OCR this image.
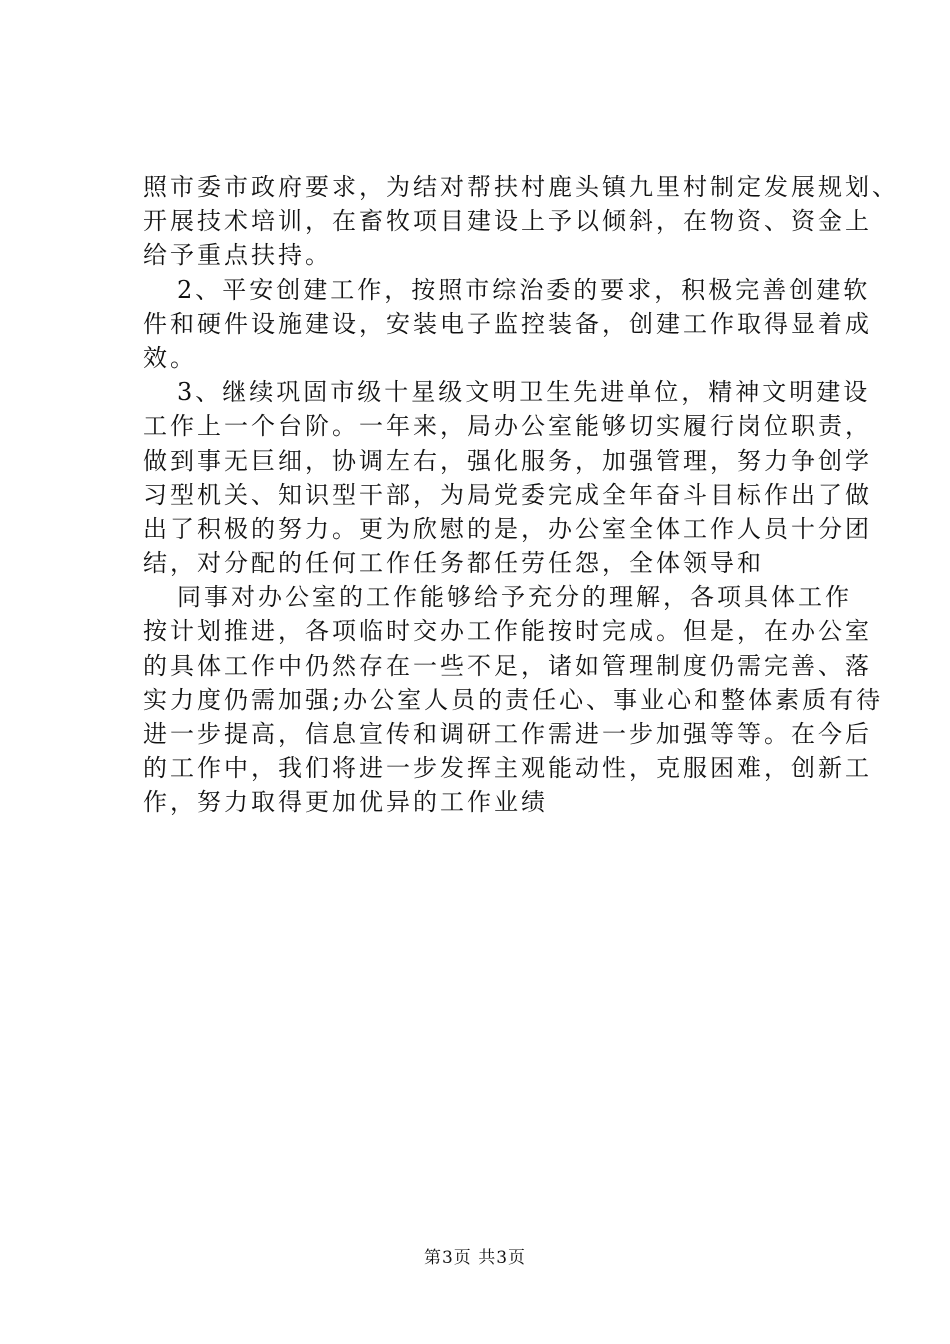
照市委市政府要求，为结对帮扶村鹿头镇九里村制定发展规划、
开展技术培训，在畜牧项目建设上予以倾斜，在物资、资金上
给予重点扶持。
2、平安创建工作，按照市综治委的要求，积极完善创建软
件和硬件设施建设，安装电子监控装备，创建工作取得显着成
效。
3、继续巩固市级十星级文明卫生先进单位，精神文明建设
工作上一个台阶。一年来，局办公室能够切实履行岗位职责，
做到事无巨细，协调左右，强化服务，加强管理，努力争创学
习型机关、知识型干部，为局党委完成全年奋斗目标作出了做
出了积极的努力。更为欣慰的是，办公室全体工作人员十分团
结，对分配的任何工作任务都任劳任怨，全体领导和
同事对办公室的工作能够给予充分的理解，各项具体工作
按计划推进，各项临时交办工作能按时完成。但是，在办公室
的具体工作中仍然存在一些不足，诸如管理制度仍需完善、落
实力度仍需加强;办公室人员的责任心、事业心和整体素质有待
进一步提高，信息宣传和调研工作需进一步加强等等。在今后
的工作中，我们将进一步发挥主观能动性，克服困难，创新工
作，努力取得更加优异的工作业绩
第3页 共3页
